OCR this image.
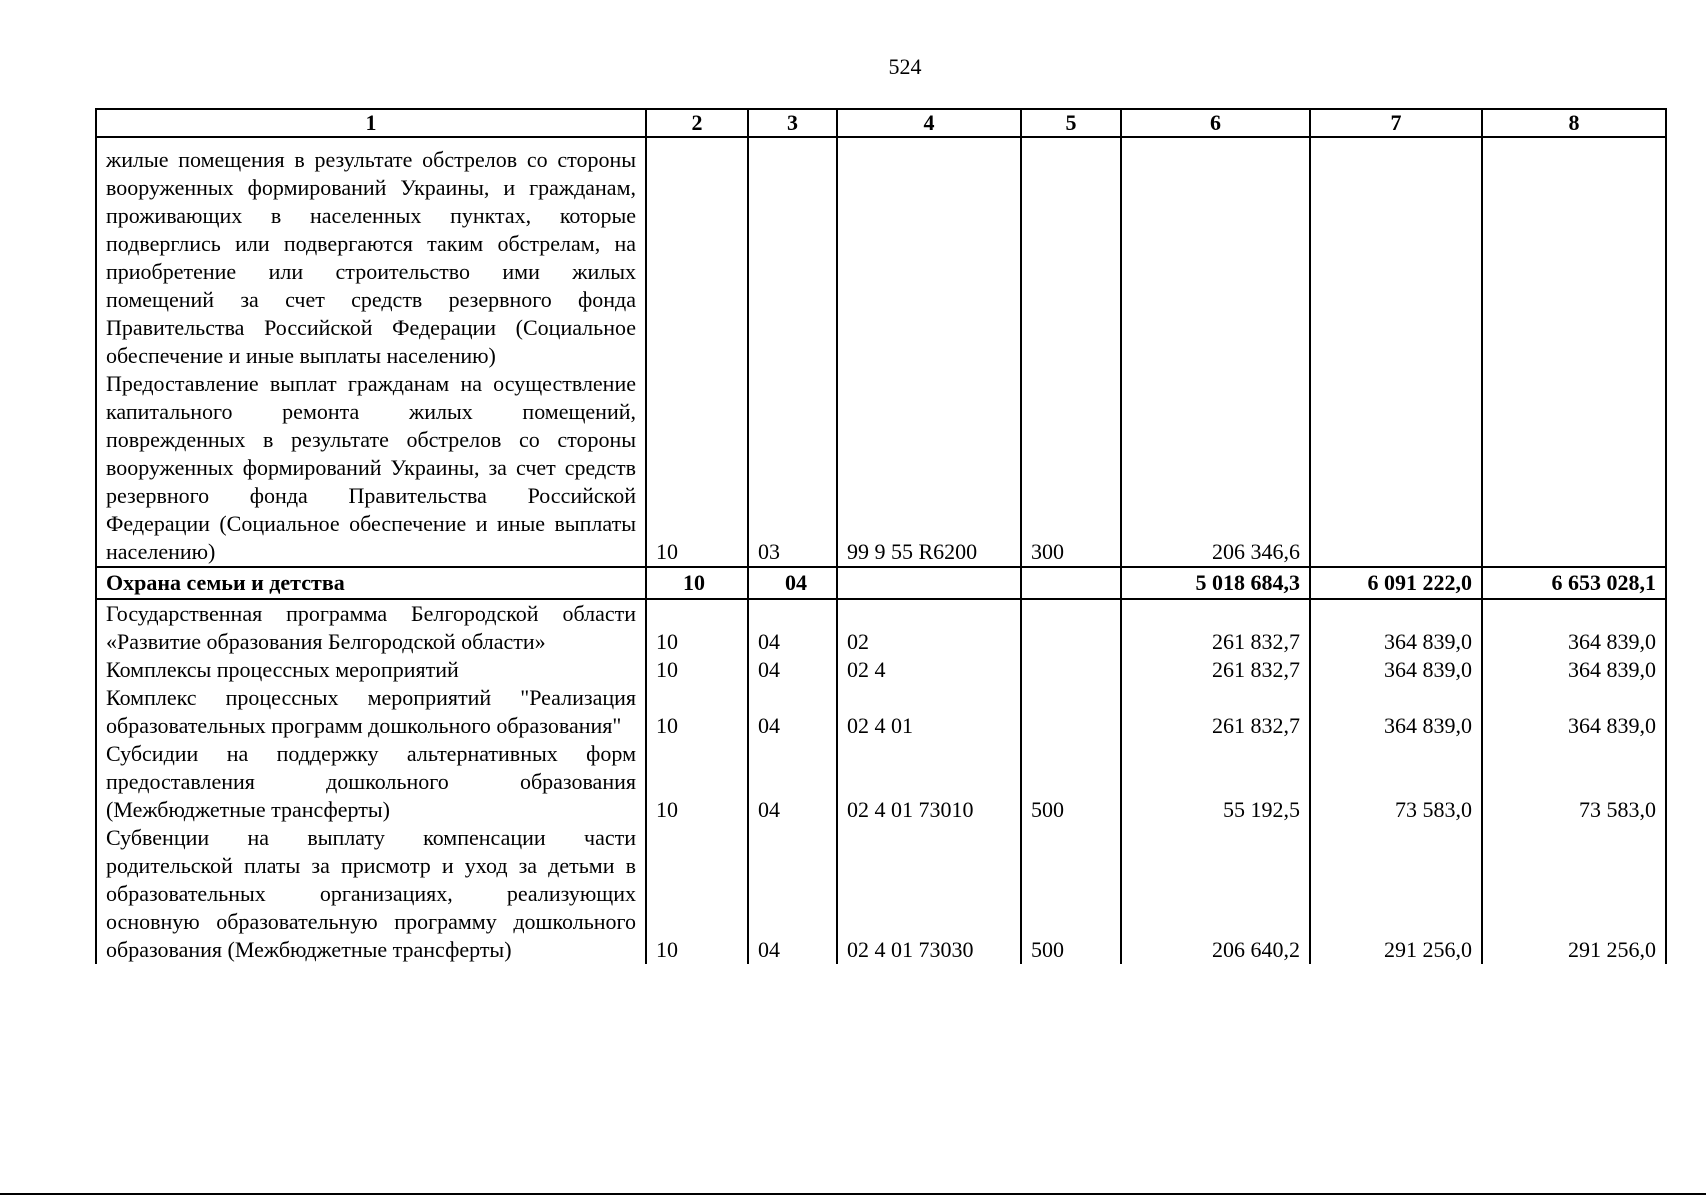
524
1	2	3	4	5	6	7	8
жилые помещения в результате обстрелов со стороны вооруженных формирований Украины, и гражданам, проживающих в населенных пунктах, которые подверглись или подвергаются таким обстрелам, на приобретение или строительство ими жилых помещений за счет средств резервного фонда Правительства Российской Федерации (Социальное обеспечение и иные выплаты населению)							
Предоставление выплат гражданам на осуществление капитального ремонта жилых помещений, поврежденных в результате обстрелов со стороны вооруженных формирований Украины, за счет средств резервного фонда Правительства Российской Федерации (Социальное обеспечение и иные выплаты населению)	10	03	99 9 55 R6200	300	206 346,6		
Охрана семьи и детства	10	04			5 018 684,3	6 091 222,0	6 653 028,1
Государственная программа Белгородской области «Развитие образования Белгородской области»	10	04	02		261 832,7	364 839,0	364 839,0
Комплексы процессных мероприятий	10	04	02 4		261 832,7	364 839,0	364 839,0
Комплекс процессных мероприятий "Реализация образовательных программ дошкольного образования"	10	04	02 4 01		261 832,7	364 839,0	364 839,0
Субсидии на поддержку альтернативных форм предоставления дошкольного образования (Межбюджетные трансферты)	10	04	02 4 01 73010	500	55 192,5	73 583,0	73 583,0
Субвенции на выплату компенсации части родительской платы за присмотр и уход за детьми в образовательных организациях, реализующих основную образовательную программу дошкольного образования (Межбюджетные трансферты)	10	04	02 4 01 73030	500	206 640,2	291 256,0	291 256,0
